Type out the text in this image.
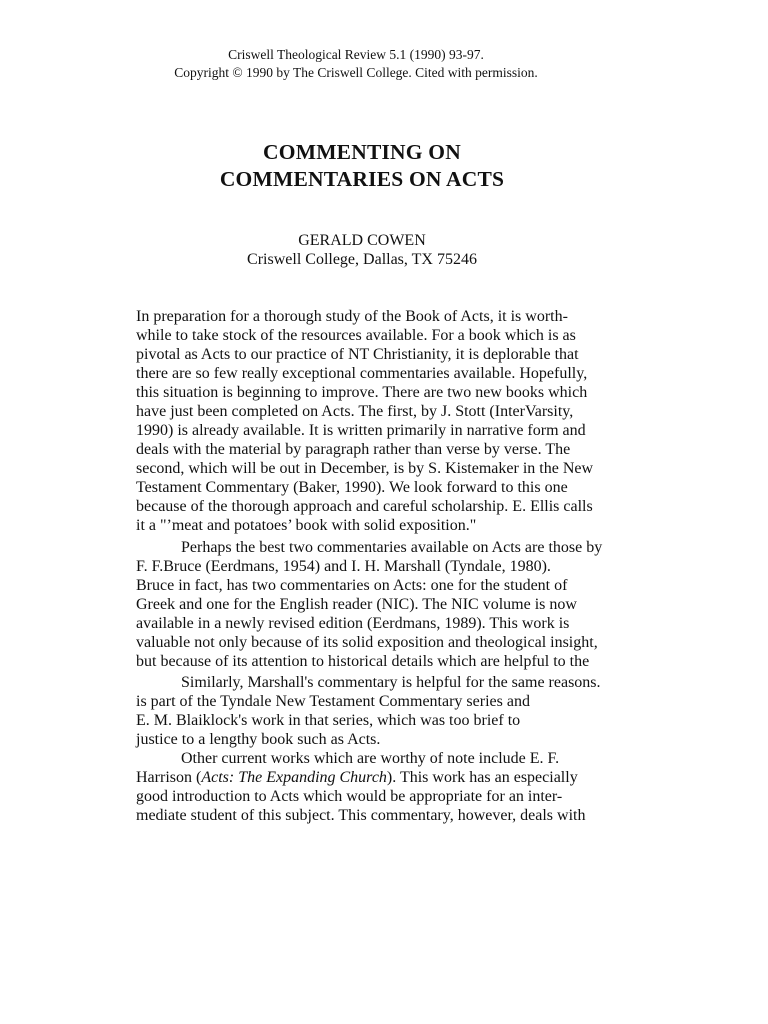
Criswell Theological Review 5.1 (1990) 93-97.
Copyright © 1990 by The Criswell College. Cited with permission.
COMMENTING ON
COMMENTARIES ON ACTS
GERALD COWEN
Criswell College, Dallas, TX 75246
In preparation for a thorough study of the Book of Acts, it is worth-
while to take stock of the resources available. For a book which is as
pivotal as Acts to our practice of NT Christianity, it is deplorable that
there are so few really exceptional commentaries available. Hopefully,
this situation is beginning to improve. There are two new books which
have just been completed on Acts. The first, by J. Stott (InterVarsity,
1990) is already available. It is written primarily in narrative form and
deals with the material by paragraph rather than verse by verse. The
second, which will be out in December, is by S. Kistemaker in the New
Testament Commentary (Baker, 1990). We look forward to this one
because of the thorough approach and careful scholarship. E. Ellis calls
it a "’meat and potatoes’ book with solid exposition."
Perhaps the best two commentaries available on Acts are those by
F. F.Bruce (Eerdmans, 1954) and I. H. Marshall (Tyndale, 1980).
Bruce in fact, has two commentaries on Acts: one for the student of
Greek and one for the English reader (NIC). The NIC volume is now
available in a newly revised edition (Eerdmans, 1989). This work is
valuable not only because of its solid exposition and theological insight,
but because of its attention to historical details which are helpful to the
Similarly, Marshall's commentary is helpful for the same reasons.
is part of the Tyndale New Testament Commentary series and
E. M. Blaiklock's work in that series, which was too brief to
justice to a lengthy book such as Acts.
Other current works which are worthy of note include E. F.
Harrison (Acts: The Expanding Church). This work has an especially
good introduction to Acts which would be appropriate for an inter-
mediate student of this subject. This commentary, however, deals with
